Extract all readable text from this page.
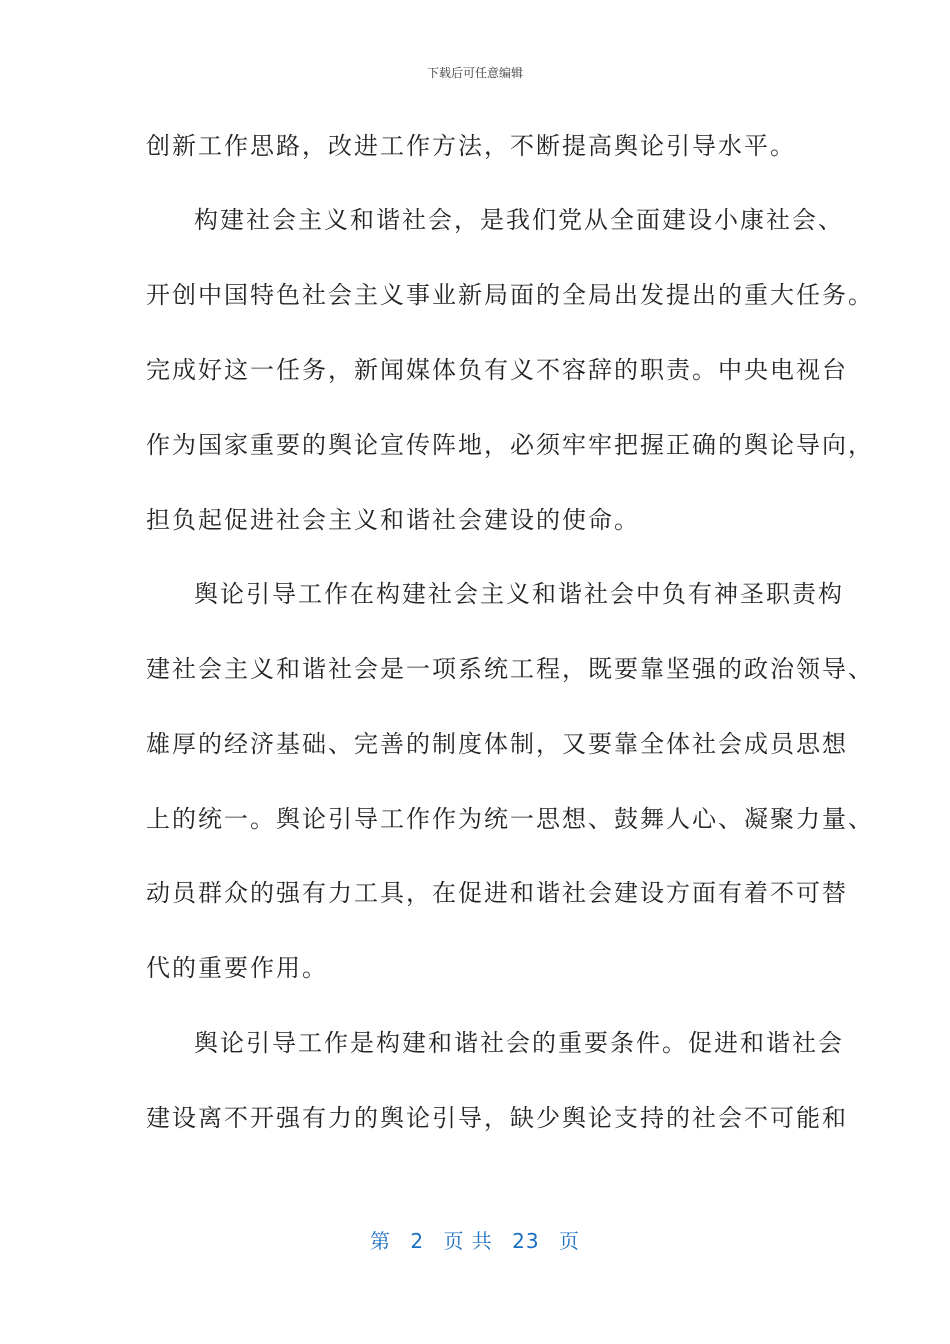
下载后可任意编辑
创新工作思路，改进工作方法，不断提高舆论引导水平。
构建社会主义和谐社会，是我们党从全面建设小康社会、
开创中国特色社会主义事业新局面的全局出发提出的重大任务。
完成好这一任务，新闻媒体负有义不容辞的职责。中央电视台
作为国家重要的舆论宣传阵地，必须牢牢把握正确的舆论导向，
担负起促进社会主义和谐社会建设的使命。
舆论引导工作在构建社会主义和谐社会中负有神圣职责构
建社会主义和谐社会是一项系统工程，既要靠坚强的政治领导、
雄厚的经济基础、完善的制度体制，又要靠全体社会成员思想
上的统一。舆论引导工作作为统一思想、鼓舞人心、凝聚力量、
动员群众的强有力工具，在促进和谐社会建设方面有着不可替
代的重要作用。
舆论引导工作是构建和谐社会的重要条件。促进和谐社会
建设离不开强有力的舆论引导，缺少舆论支持的社会不可能和
第 2 页 共 23 页
